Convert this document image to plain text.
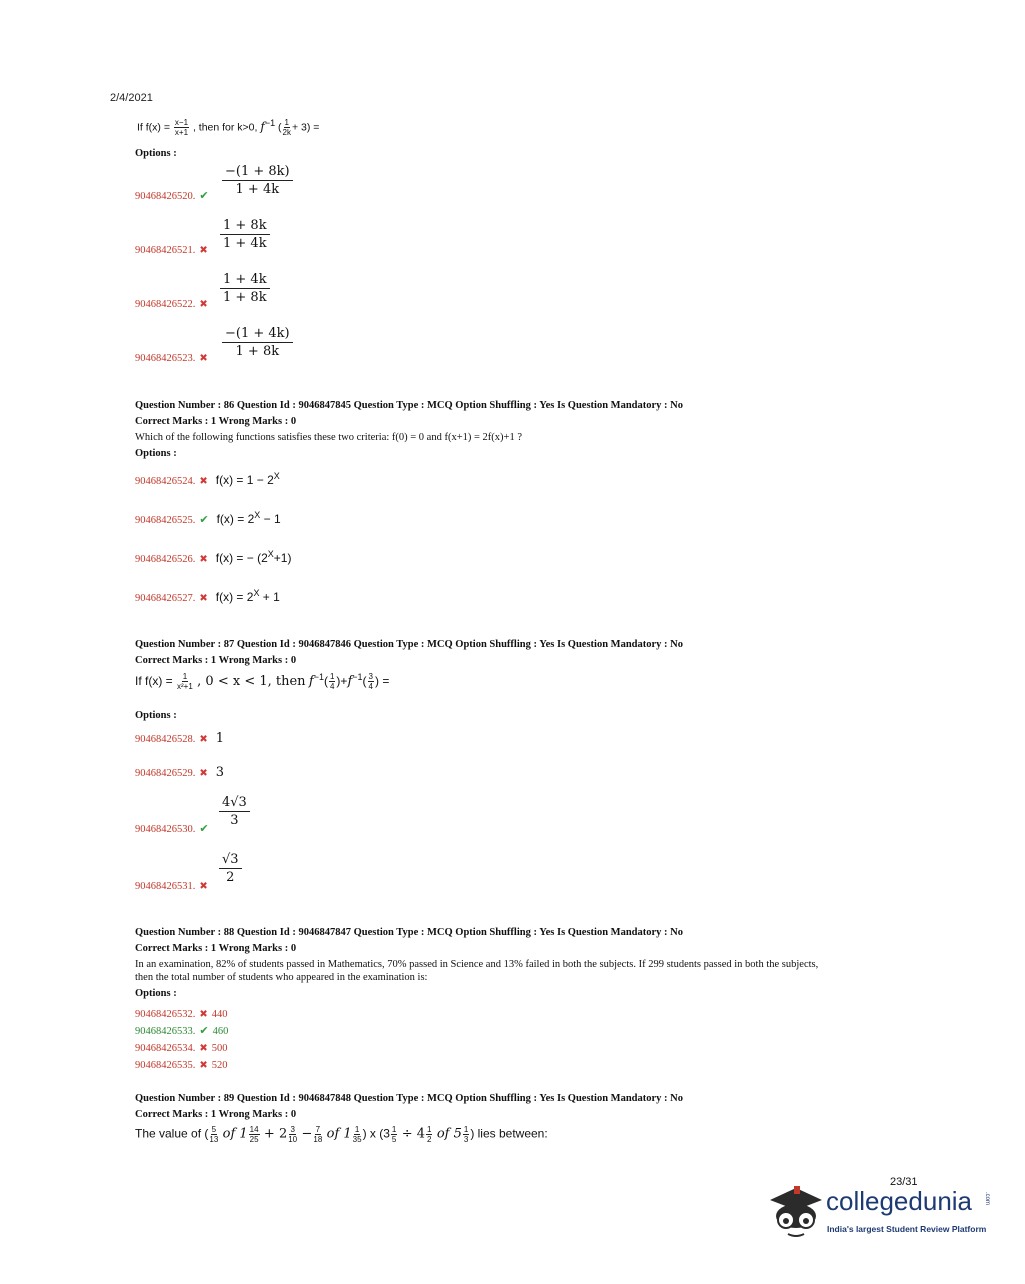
2/4/2021
If $f(x) = \frac{x-1}{x+1}$ , then for k>0, $f^{-1}$ ( $\frac{1}{2k} + 3$) =
Options :
90468426520. ✔ $\frac{-(1 + 8k)}{1 + 4k}$
90468426521. ✖ $\frac{1 + 8k}{1 + 4k}$
90468426522. ✖ $\frac{1 + 4k}{1 + 8k}$
90468426523. ✖ $\frac{-(1 + 4k)}{1 + 8k}$
Question Number : 86 Question Id : 9046847845 Question Type : MCQ Option Shuffling : Yes Is Question Mandatory : No
Correct Marks : 1 Wrong Marks : 0
Which of the following functions satisfies these two criteria: f(0) = 0 and f(x+1) = 2f(x)+1 ?
Options :
90468426524. ✖ $f(x) = 1 - 2^X$
90468426525. ✔ $f(x) = 2^X - 1$
90468426526. ✖ f(x) = − $(2^X+1)$
90468426527. ✖ $f(x) = 2^X + 1$
Question Number : 87 Question Id : 9046847846 Question Type : MCQ Option Shuffling : Yes Is Question Mandatory : No
Correct Marks : 1 Wrong Marks : 0
If $f(x) = \frac{1}{\text{x²+1}}$ , 0 < x < 1, then $f^{-1}( \frac{1}{4} )+f^{-1}( \frac{3}{4}$ ) =
Options :
90468426528. ✖ 1
90468426529. ✖ 3
90468426530. ✔
$\frac{4√3}{3}$
90468426531. ✖
$\frac{√3}{2}$
Question Number : 88 Question Id : 9046847847 Question Type : MCQ Option Shuffling : Yes Is Question Mandatory : No
Correct Marks : 1 Wrong Marks : 0
In an examination, 82% of students passed in Mathematics, 70% passed in Science and 13% failed in both the subjects. If 299 students passed in both the subjects,
then the total number of students who appeared in the examination is:
Options :
90468426532. ✖ 440
90468426533. ✔ 460
90468426534. ✖ 500
90468426535. ✖ 520
Question Number : 89 Question Id : 9046847848 Question Type : MCQ Option Shuffling : Yes Is Question Mandatory : No
Correct Marks : 1 Wrong Marks : 0
The value of ( $\frac{5}{13}$ of $1 \frac{14}{25} + 2 \frac{3}{10} - \frac{7}{18}$ of $1 \frac{1}{35}$ ) x ($3 \frac{1}{5} \div 4 \frac{1}{2}$ of $5 \frac{1}{3}$ ) lies between:
23/31
collegedunia .com
India's largest Student Review Platform
